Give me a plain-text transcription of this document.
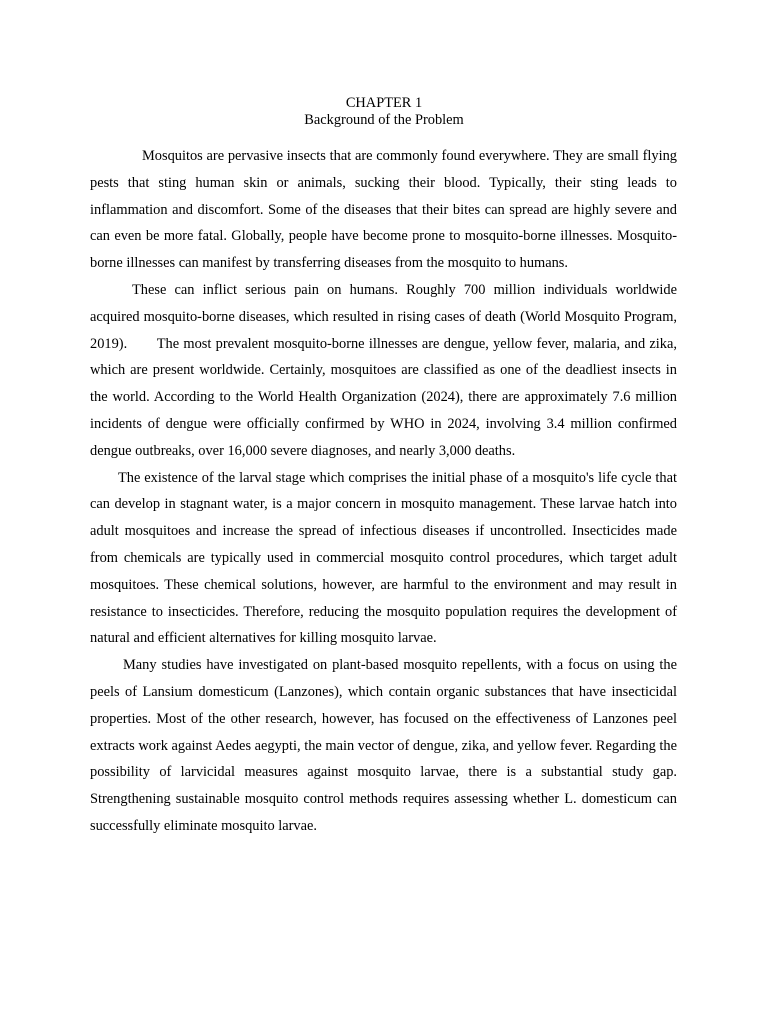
CHAPTER 1
Background of the Problem

Mosquitos are pervasive insects that are commonly found everywhere. They are small flying pests that sting human skin or animals, sucking their blood. Typically, their sting leads to inflammation and discomfort. Some of the diseases that their bites can spread are highly severe and can even be more fatal. Globally, people have become prone to mosquito-borne illnesses. Mosquito-borne illnesses can manifest by transferring diseases from the mosquito to humans.

These can inflict serious pain on humans. Roughly 700 million individuals worldwide acquired mosquito-borne diseases, which resulted in rising cases of death (World Mosquito Program, 2019).       The most prevalent mosquito-borne illnesses are dengue, yellow fever, malaria, and zika, which are present worldwide. Certainly, mosquitoes are classified as one of the deadliest insects in the world. According to the World Health Organization (2024), there are approximately 7.6 million incidents of dengue were officially confirmed by WHO in 2024, involving 3.4 million confirmed dengue outbreaks, over 16,000 severe diagnoses, and nearly 3,000 deaths.

The existence of the larval stage which comprises the initial phase of a mosquito's life cycle that can develop in stagnant water, is a major concern in mosquito management. These larvae hatch into adult mosquitoes and increase the spread of infectious diseases if uncontrolled. Insecticides made from chemicals are typically used in commercial mosquito control procedures, which target adult mosquitoes. These chemical solutions, however, are harmful to the environment and may result in resistance to insecticides. Therefore, reducing the mosquito population requires the development of natural and efficient alternatives for killing mosquito larvae.

Many studies have investigated on plant-based mosquito repellents, with a focus on using the peels of Lansium domesticum (Lanzones), which contain organic substances that have insecticidal properties. Most of the other research, however, has focused on the effectiveness of Lanzones peel extracts work against Aedes aegypti, the main vector of dengue, zika, and yellow fever. Regarding the possibility of larvicidal measures against mosquito larvae, there is a substantial study gap. Strengthening sustainable mosquito control methods requires assessing whether L. domesticum can successfully eliminate mosquito larvae.
